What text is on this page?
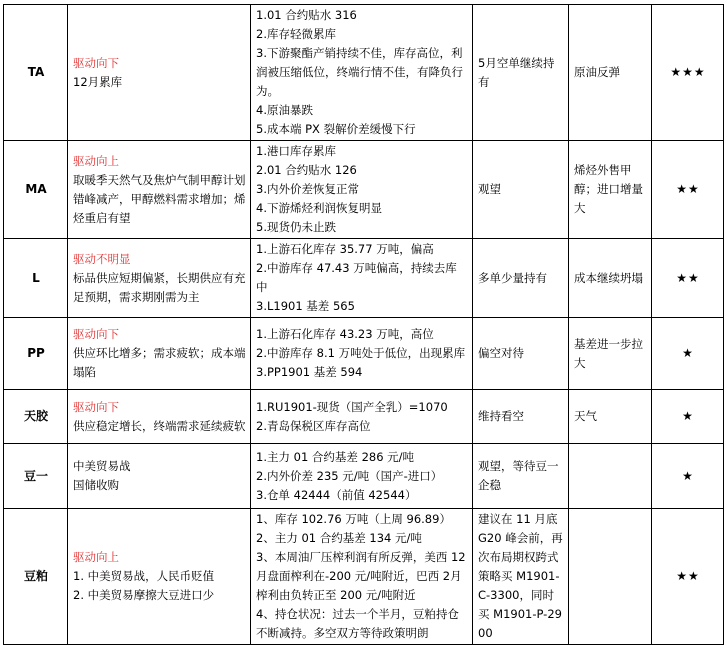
TA	驱动向下
12月累库	1.01 合约贴水 316
2.库存轻微累库
3.下游聚酯产销持续不佳，库存高位，利润被压缩低位，终端行情不佳，有降负行为。
4.原油暴跌
5.成本端 PX 裂解价差缓慢下行	5月空单继续持有	原油反弹	★★★
MA	驱动向上
取暖季天然气及焦炉气制甲醇计划错峰减产，甲醇燃料需求增加；烯烃重启有望	1.港口库存累库
2.01 合约贴水 126
3.内外价差恢复正常
4.下游烯烃利润恢复明显
5.现货仍未止跌	观望	烯烃外售甲醇；进口增量大	★★
L	驱动不明显
标品供应短期偏紧，长期供应有充足预期，需求期刚需为主	1.上游石化库存 35.77 万吨，偏高
2.中游库存 47.43 万吨偏高，持续去库中
3.L1901 基差 565	多单少量持有	成本继续坍塌	★★
PP	驱动向下
供应环比增多；需求疲软；成本端塌陷	1.上游石化库存 43.23 万吨，高位
2.中游库存 8.1 万吨处于低位，出现累库
3.PP1901 基差 594	偏空对待	基差进一步拉大	★
天胶	驱动向下
供应稳定增长，终端需求延续疲软	1.RU1901-现货（国产全乳）=1070
2.青岛保税区库存高位	维持看空	天气	★
豆一	中美贸易战
国储收购	1.主力 01 合约基差 286 元/吨
2.内外价差 235 元/吨（国产-进口）
3.仓单 42444（前值 42544）	观望，等待豆一企稳		★
豆粕	驱动向上
1. 中美贸易战，人民币贬值
2. 中美贸易摩擦大豆进口少	1、库存 102.76 万吨（上周 96.89）
2、主力 01 合约基差 134 元/吨
3、本周油厂压榨利润有所反弹，美西 12月盘面榨利在-200 元/吨附近，巴西 2月榨利由负转正至 200 元/吨附近
4、持仓状况：过去一个半月，豆粕持仓不断减持。多空双方等待政策明朗	建议在 11 月底 G20 峰会前，再次布局期权跨式策略买 M1901-C-3300，同时买 M1901-P-2900		★★
